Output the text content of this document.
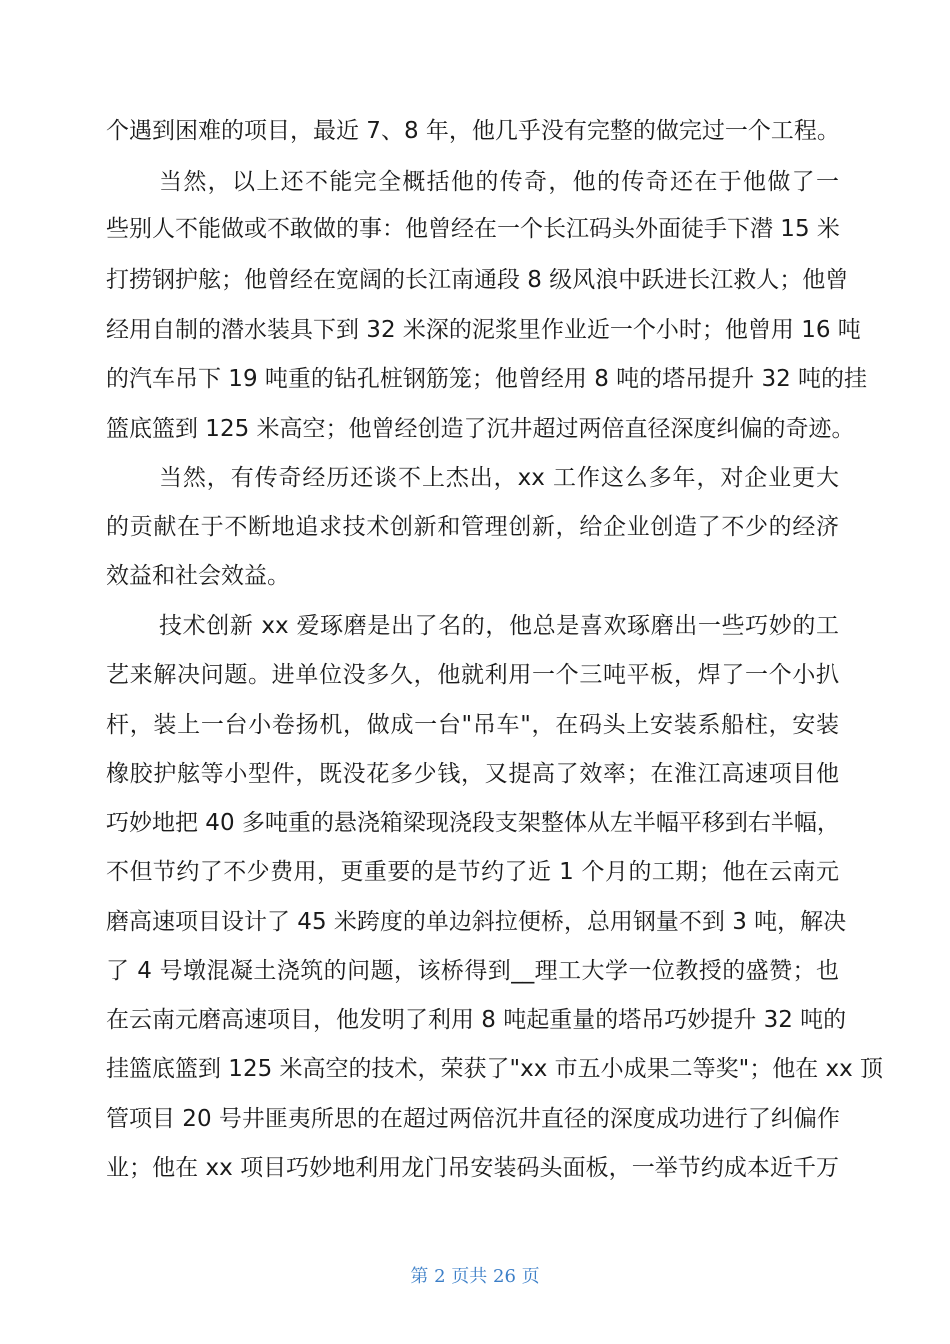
个遇到困难的项目，最近 7、8 年，他几乎没有完整的做完过一个工程。
当然，以上还不能完全概括他的传奇，他的传奇还在于他做了一
些别人不能做或不敢做的事：他曾经在一个长江码头外面徒手下潜 15 米
打捞钢护舷；他曾经在宽阔的长江南通段 8 级风浪中跃进长江救人；他曾
经用自制的潜水装具下到 32 米深的泥浆里作业近一个小时；他曾用 16 吨
的汽车吊下 19 吨重的钻孔桩钢筋笼；他曾经用 8 吨的塔吊提升 32 吨的挂
篮底篮到 125 米高空；他曾经创造了沉井超过两倍直径深度纠偏的奇迹。
当然，有传奇经历还谈不上杰出，xx 工作这么多年，对企业更大
的贡献在于不断地追求技术创新和管理创新，给企业创造了不少的经济
效益和社会效益。
技术创新 xx 爱琢磨是出了名的，他总是喜欢琢磨出一些巧妙的工
艺来解决问题。进单位没多久，他就利用一个三吨平板，焊了一个小扒
杆，装上一台小卷扬机，做成一台"吊车"，在码头上安装系船柱，安装
橡胶护舷等小型件，既没花多少钱，又提高了效率；在淮江高速项目他
巧妙地把 40 多吨重的悬浇箱梁现浇段支架整体从左半幅平移到右半幅，
不但节约了不少费用，更重要的是节约了近 1 个月的工期；他在云南元
磨高速项目设计了 45 米跨度的单边斜拉便桥，总用钢量不到 3 吨，解决
了 4 号墩混凝土浇筑的问题，该桥得到__理工大学一位教授的盛赞；也
在云南元磨高速项目，他发明了利用 8 吨起重量的塔吊巧妙提升 32 吨的
挂篮底篮到 125 米高空的技术，荣获了"xx 市五小成果二等奖"；他在 xx 顶
管项目 20 号井匪夷所思的在超过两倍沉井直径的深度成功进行了纠偏作
业；他在 xx 项目巧妙地利用龙门吊安装码头面板，一举节约成本近千万
第 2 页共 26 页
